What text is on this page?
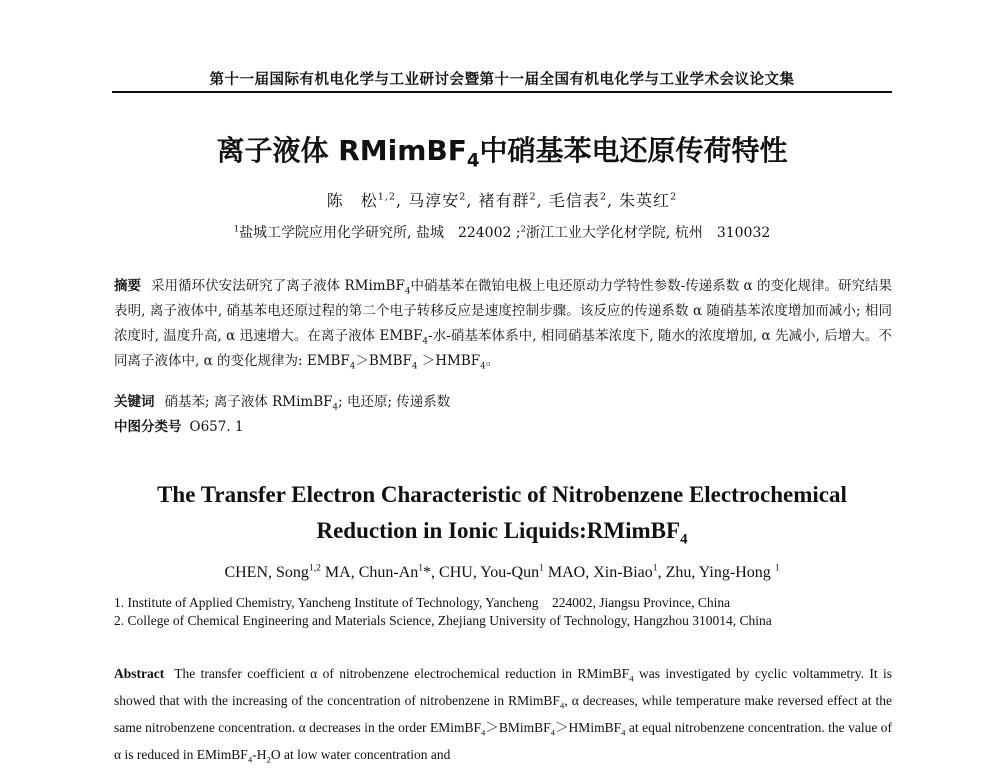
第十一届国际有机电化学与工业研讨会暨第十一届全国有机电化学与工业学术会议论文集
离子液体 RMimBF$_4$中硝基苯电还原传荷特性
陈　松$^{1,2}$, 马淳安$^2$, 褚有群$^2$, 毛信表$^2$, 朱英红$^2$
$^1$盐城工学院应用化学研究所, 盐城　224002 ;$^2$浙江工业大学化材学院, 杭州　310032
摘要 采用循环伏安法研究了离子液体 RMimBF$_4$中硝基苯在微铂电极上电还原动力学特性参数-传递系数 α 的变化规律。研究结果表明, 离子液体中, 硝基苯电还原过程的第二个电子转移反应是速度控制步骤。该反应的传递系数 α 随硝基苯浓度增加而减小; 相同浓度时, 温度升高, α 迅速增大。在离子液体 $EMBF_4-$水-硝基苯体系中, 相同硝基苯浓度下, 随水的浓度增加, α 先减小, 后增大。不同离子液体中, α 的变化规律为: $EMBF_4>BMBF_4$ $>HMBF_4$。
关键词 硝基苯; 离子液体 RMimBF$_4$; 电还原; 传递系数
中图分类号 O657. 1
The Transfer Electron Characteristic of Nitrobenzene Electrochemical
Reduction in Ionic Liquids:RMimBF$_4$
CHEN, Song$^{1,2}$ MA, Chun-An$^1$*, CHU, You-Qun$^1$ MAO, Xin-Biao$^1$, Zhu, Ying-Hong $^1$
1. Institute of Applied Chemistry, Yancheng Institute of Technology, Yancheng　224002, Jiangsu Province, China
2. College of Chemical Engineering and Materials Science, Zhejiang University of Technology, Hangzhou 310014, China
Abstract The transfer coefficient α of nitrobenzene electrochemical reduction in RMimBF$_4$ was investigated by cyclic voltammetry. It is showed that with the increasing of the concentration of nitrobenzene in RMimBF$_4$, α decreases, while temperature make reversed effect at the same nitrobenzene concentration. α decreases in the order EMimBF$_4$＞BMimBF$_4$＞HMimBF$_4$ at equal nitrobenzene concentration. the value of α is reduced in $EMimBF_4-H_2O$ at low water concentration and
